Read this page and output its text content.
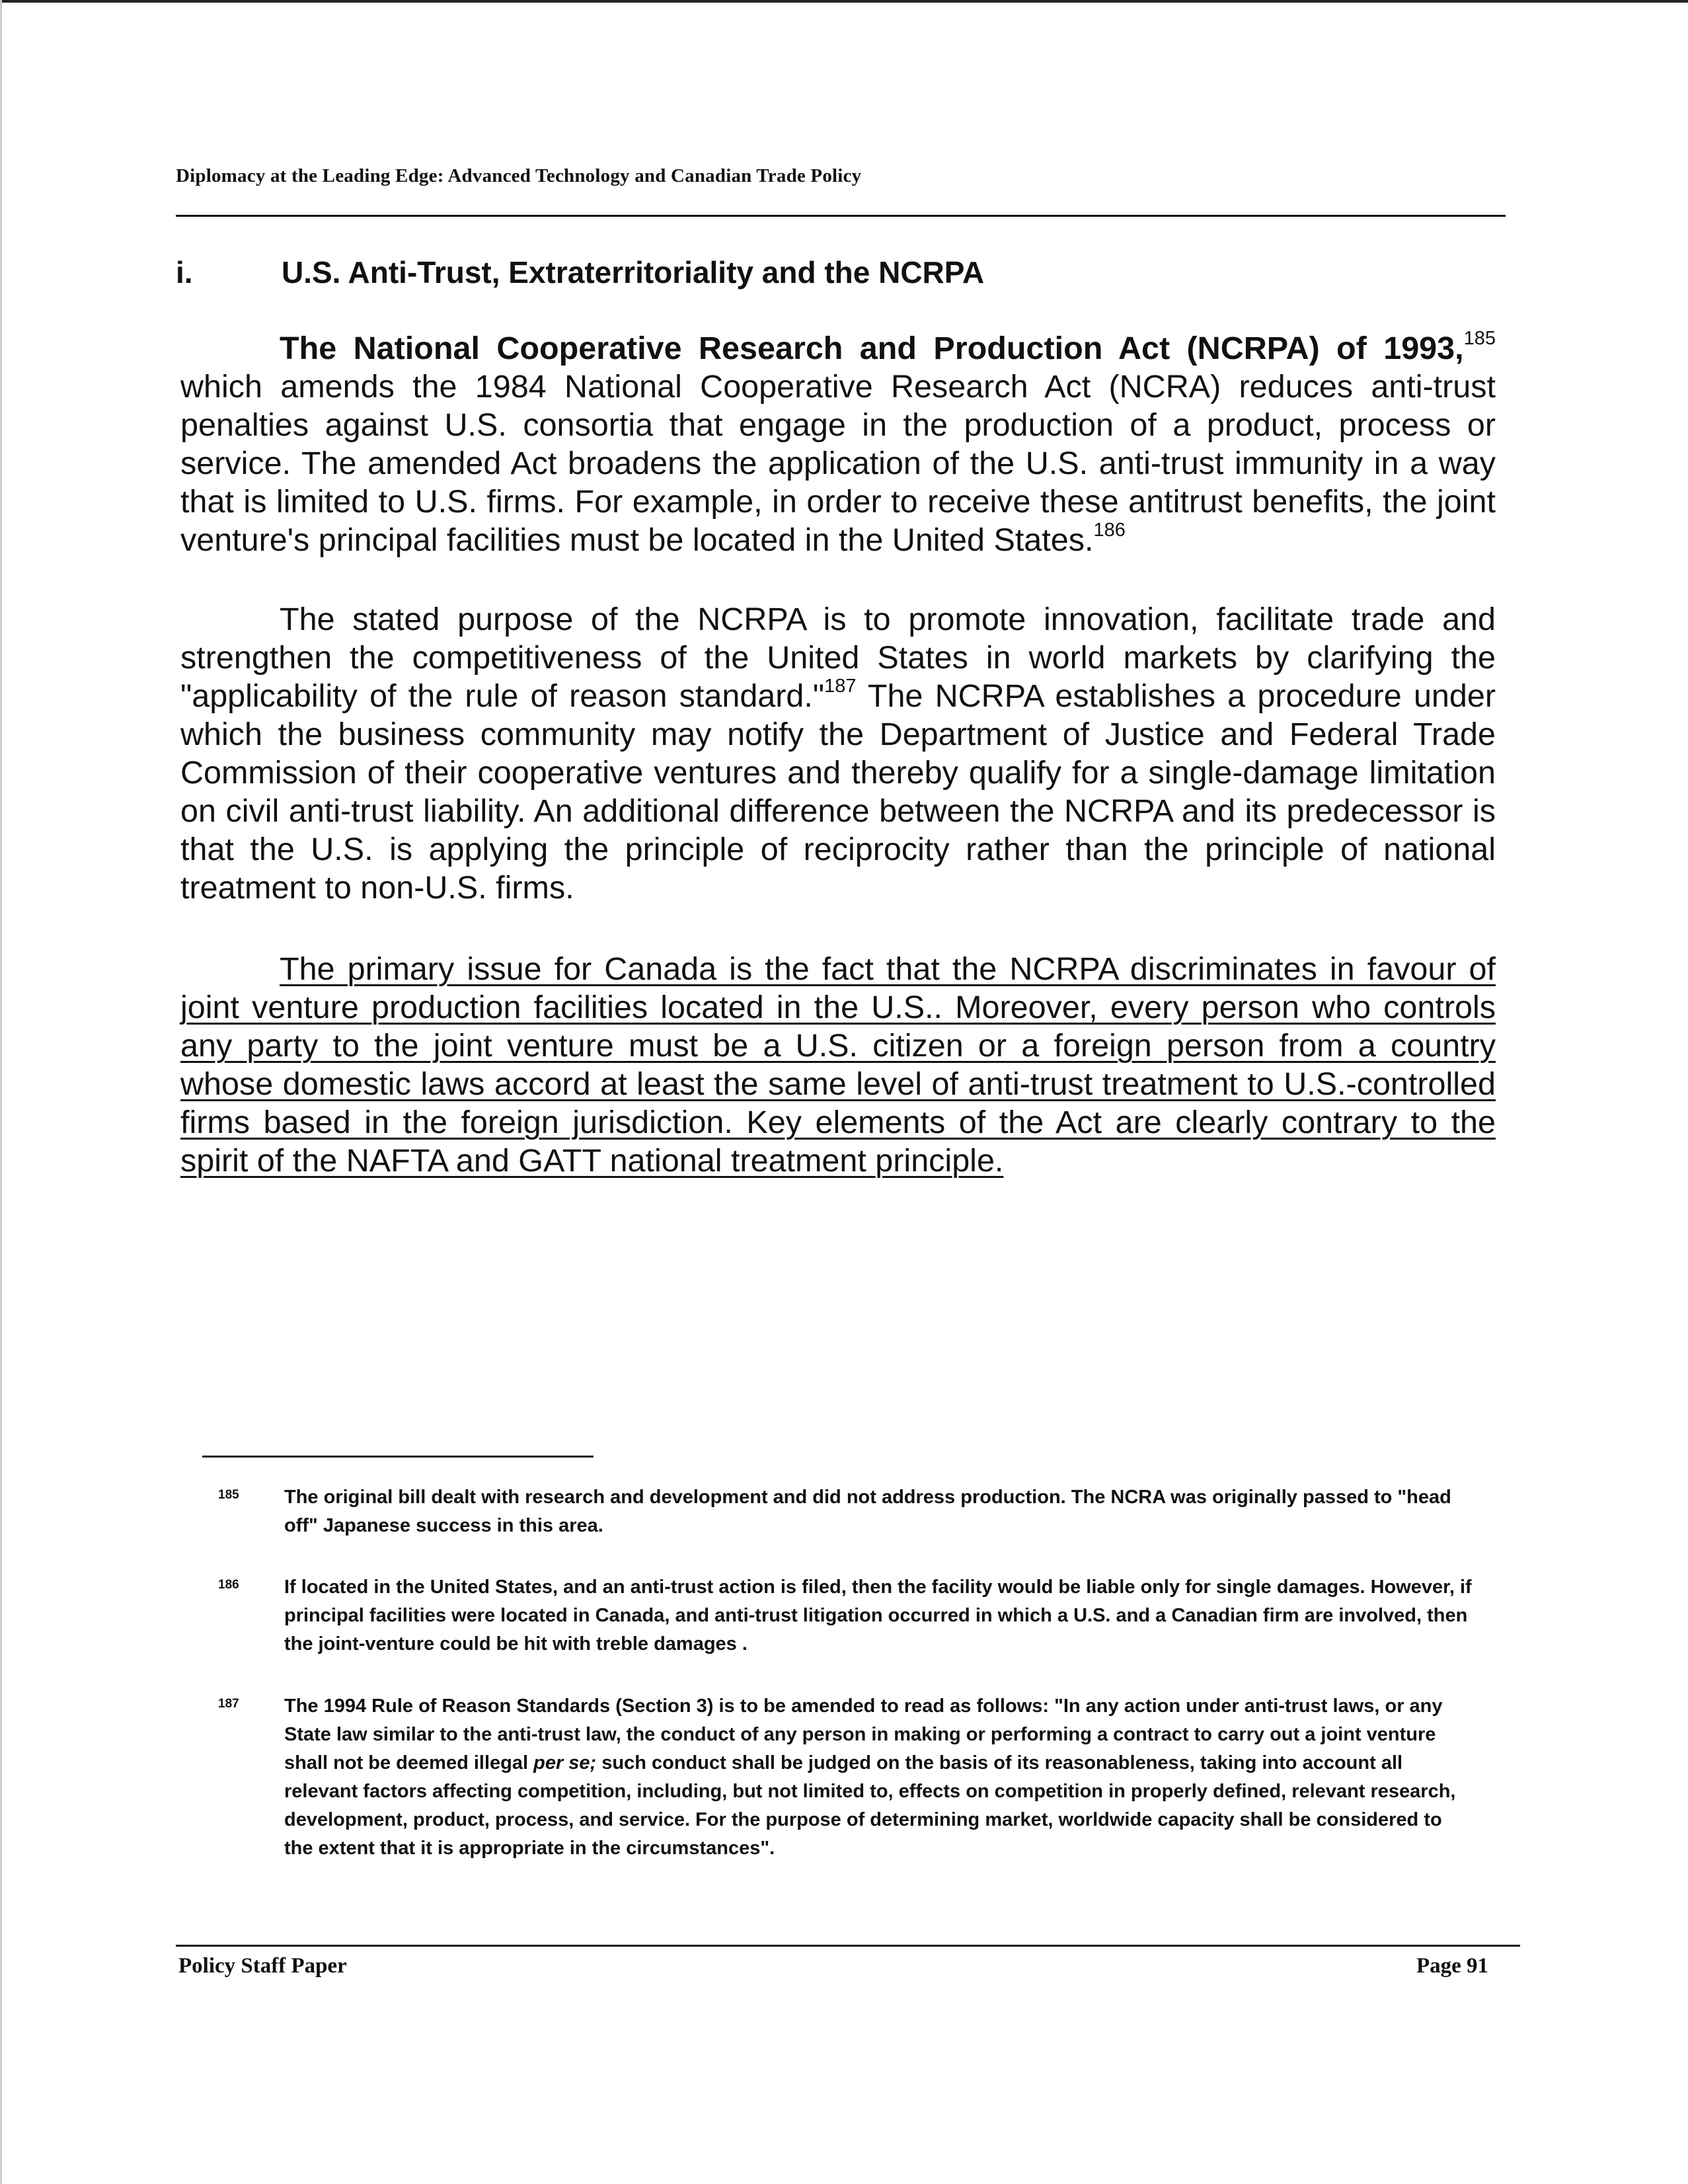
Diplomacy at the Leading Edge: Advanced Technology and Canadian Trade Policy
i.	U.S. Anti-Trust, Extraterritoriality and the NCRPA

The National Cooperative Research and Production Act (NCRPA) of 1993,$^{185}$ which amends the 1984 National Cooperative Research Act (NCRA) reduces anti-trust penalties against U.S. consortia that engage in the production of a product, process or service. The amended Act broadens the application of the U.S. anti-trust immunity in a way that is limited to U.S. firms. For example, in order to receive these antitrust benefits, the joint venture's principal facilities must be located in the United States.$^{186}$

The stated purpose of the NCRPA is to promote innovation, facilitate trade and strengthen the competitiveness of the United States in world markets by clarifying the "applicability of the rule of reason standard."$^{187}$ The NCRPA establishes a procedure under which the business community may notify the Department of Justice and Federal Trade Commission of their cooperative ventures and thereby qualify for a single-damage limitation on civil anti-trust liability. An additional difference between the NCRPA and its predecessor is that the U.S. is applying the principle of reciprocity rather than the principle of national treatment to non-U.S. firms.

The primary issue for Canada is the fact that the NCRPA discriminates in favour of joint venture production facilities located in the U.S.. Moreover, every person who controls any party to the joint venture must be a U.S. citizen or a foreign person from a country whose domestic laws accord at least the same level of anti-trust treatment to U.S.-controlled firms based in the foreign jurisdiction. Key elements of the Act are clearly contrary to the spirit of the NAFTA and GATT national treatment principle.

185 The original bill dealt with research and development and did not address production. The NCRA was originally passed to "head off" Japanese success in this area.
186 If located in the United States, and an anti-trust action is filed, then the facility would be liable only for single damages. However, if principal facilities were located in Canada, and anti-trust litigation occurred in which a U.S. and a Canadian firm are involved, then the joint-venture could be hit with treble damages .
187 The 1994 Rule of Reason Standards (Section 3) is to be amended to read as follows: "In any action under anti-trust laws, or any State law similar to the anti-trust law, the conduct of any person in making or performing a contract to carry out a joint venture shall not be deemed illegal per se; such conduct shall be judged on the basis of its reasonableness, taking into account all relevant factors affecting competition, including, but not limited to, effects on competition in properly defined, relevant research, development, product, process, and service. For the purpose of determining market, worldwide capacity shall be considered to the extent that it is appropriate in the circumstances".
Policy Staff Paper	Page 91
